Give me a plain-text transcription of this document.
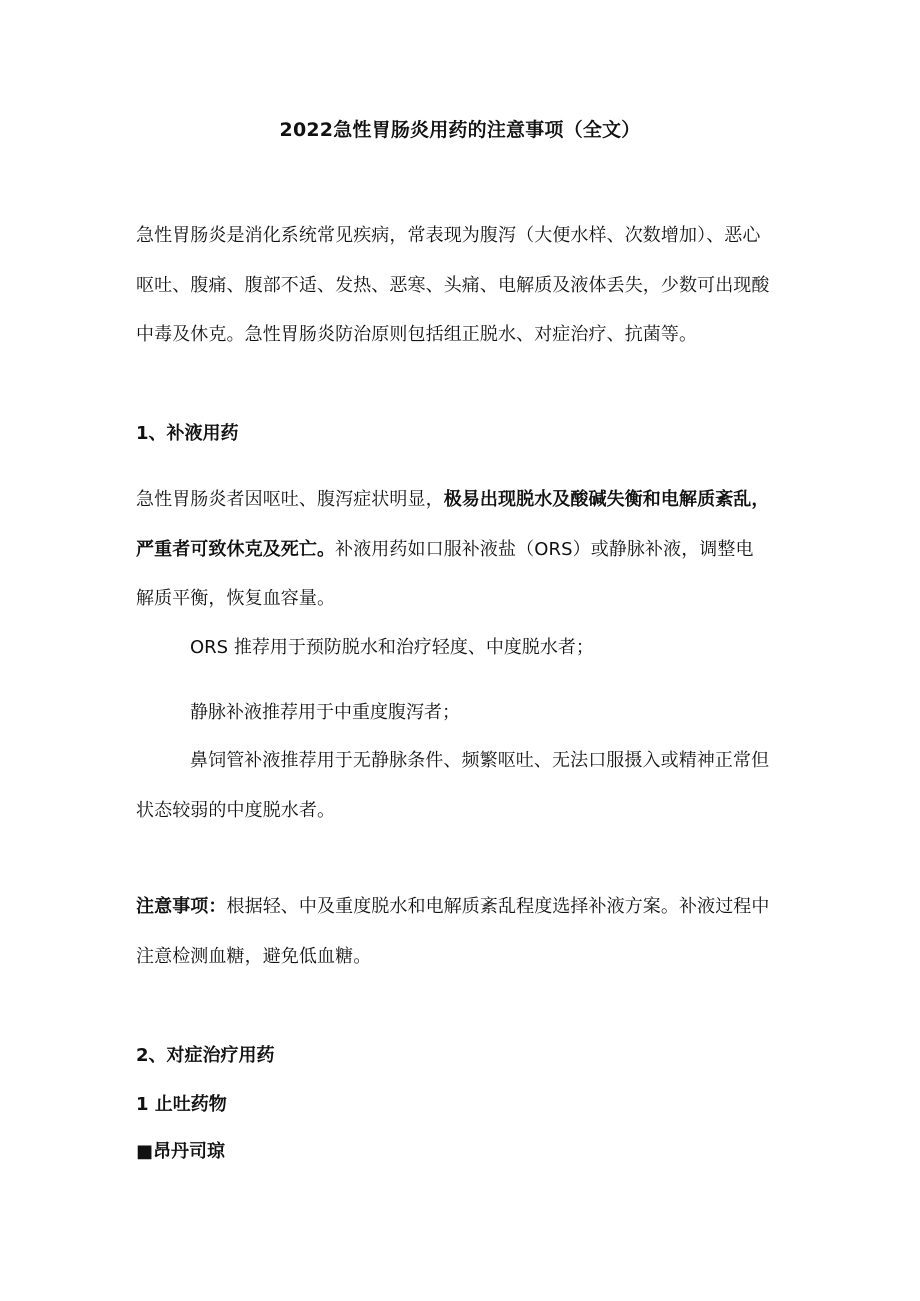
2022急性胃肠炎用药的注意事项（全文）
急性胃肠炎是消化系统常见疾病，常表现为腹泻（大便水样、次数增加）、恶心
呕吐、腹痛、腹部不适、发热、恶寒、头痛、电解质及液体丢失，少数可出现酸
中毒及休克。急性胃肠炎防治原则包括组正脱水、对症治疗、抗菌等。
1、补液用药
急性胃肠炎者因呕吐、腹泻症状明显，极易出现脱水及酸碱失衡和电解质紊乱，
严重者可致休克及死亡。补液用药如口服补液盐（ORS）或静脉补液，调整电
解质平衡，恢复血容量。
ORS 推荐用于预防脱水和治疗轻度、中度脱水者；
静脉补液推荐用于中重度腹泻者；
鼻饲管补液推荐用于无静脉条件、频繁呕吐、无法口服摄入或精神正常但
状态较弱的中度脱水者。
注意事项：根据轻、中及重度脱水和电解质紊乱程度选择补液方案。补液过程中
注意检测血糖，避免低血糖。
2、对症治疗用药
1 止吐药物
■昂丹司琼
